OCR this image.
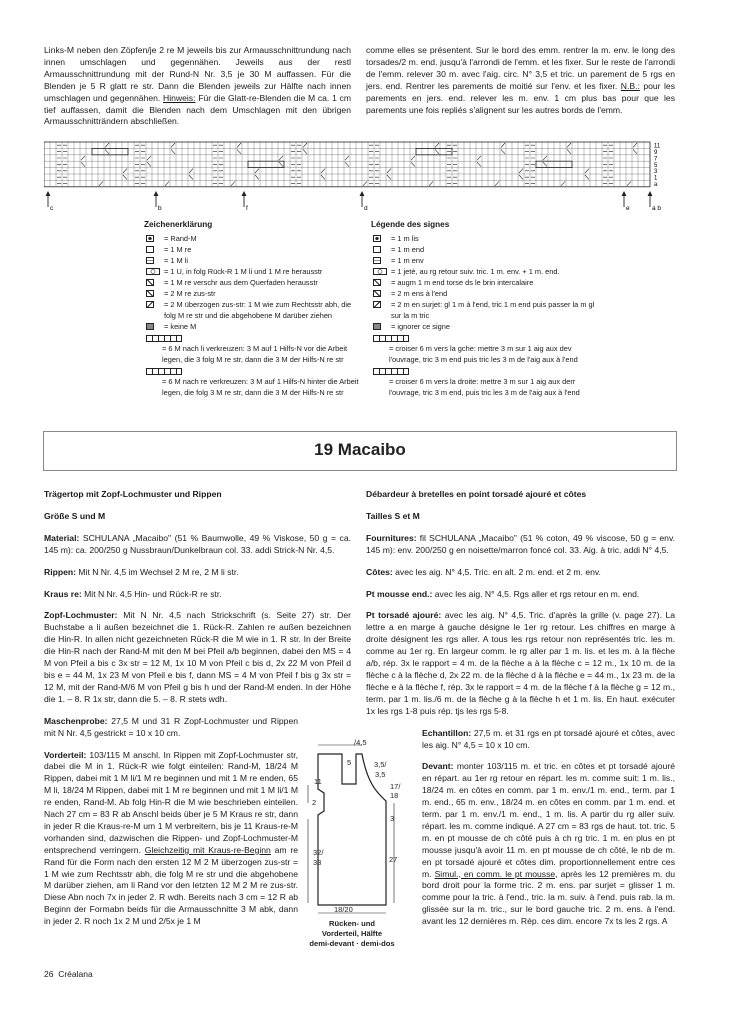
Links-M neben den Zöpfen/je 2 re M jeweils bis zur Armausschnittrundung nach innen umschlagen und gegennähen. Jeweils aus der restl Armausschnittrundung mit der Rund-N Nr. 3,5 je 30 M auffassen. Für die Blenden je 5 R glatt re str. Dann die Blenden jeweils zur Hälfte nach innen umschlagen und gegennähen. Hinweis: Für die Glatt-re-Blenden die M ca. 1 cm tief auffassen, damit die Blenden nach dem Umschlagen mit den übrigen Armausschnitträndern abschließen.

comme elles se présentent. Sur le bord des emm. rentrer la m. env. le long des torsades/2 m. end. jusqu'à l'arrondi de l'emm. et les fixer. Sur le reste de l'arrondi de l'emm. relever 30 m. avec l'aig. circ. N° 3,5 et tric. un parement de 5 rgs en jers. end. Rentrer les parements de moitié sur l'env. et les fixer. N.B.: pour les parements en jers. end. relever les m. env. 1 cm plus bas pour que les parements une fois repliés s'alignent sur les autres bords de l'emm.

11
9
7
5
3
1
a
c	b	f	d	e	a b
Zeichenerklärung
= Rand-M
= 1 M re
= 1 M li
= 1 U, in folg Rück-R 1 M li und 1 M re herausstr
= 1 M re verschr aus dem Querfaden herausstr
= 2 M re zus-str
= 2 M überzogen zus-str: 1 M wie zum Rechtsstr abh, die folg M re str und die abgehobene M darüber ziehen
= keine M
= 6 M nach li verkreuzen: 3 M auf 1 Hilfs-N vor die Arbeit legen, die 3 folg M re str, dann die 3 M der Hilfs-N re str
= 6 M nach re verkreuzen: 3 M auf 1 Hilfs-N hinter die Arbeit legen, die folg 3 M re str, dann die 3 M der Hilfs-N re str
Légende des signes
= 1 m lis
= 1 m end
= 1 m env
= 1 jeté, au rg retour suiv. tric. 1 m. env. + 1 m. end.
= augm 1 m end torse ds le brin intercalaire
= 2 m ens à l'end
= 2 m en surjet: gl 1 m à l'end, tric 1 m end puis passer la m gl sur la m tric
= ignorer ce signe
= croiser 6 m vers la gche: mettre 3 m sur 1 aig aux dev l'ouvrage, tric 3 m end puis tric les 3 m de l'aig aux à l'end
= croiser 6 m vers la droite: mettre 3 m sur 1 aig aux derr l'ouvrage, tric 3 m end, puis tric les 3 m de l'aig aux à l'end
19 Macaibo

Trägertop mit Zopf-Lochmuster und Rippen

Größe S und M

Material: SCHULANA „Macaibo" (51 % Baumwolle, 49 % Viskose, 50 g = ca. 145 m): ca. 200/250 g Nussbraun/Dunkelbraun col. 33. addi Strick-N Nr. 4,5.

Rippen: Mit N Nr. 4,5 im Wechsel 2 M re, 2 M li str.

Kraus re: Mit N Nr. 4,5 Hin- und Rück-R re str.

Zopf-Lochmuster: Mit N Nr. 4,5 nach Strickschrift (s. Seite 27) str. Der Buchstabe a li außen bezeichnet die 1. Rück-R. Zahlen re außen bezeichnen die Hin-R. In allen nicht gezeichneten Rück-R die M wie in 1. R str. In der Breite die Hin-R nach der Rand-M mit den M bei Pfeil a/b beginnen, dabei den MS = 4 M von Pfeil a bis c 3x str = 12 M, 1x 10 M von Pfeil c bis d, 2x 22 M von Pfeil d bis e = 44 M, 1x 23 M von Pfeil e bis f, dann MS = 4 M von Pfeil f bis g 3x str = 12 M, mit der Rand-M/6 M von Pfeil g bis h und der Rand-M enden. In der Höhe die 1. – 8. R 1x str, dann die 5. – 8. R stets wdh.

Maschenprobe: 27,5 M und 31 R Zopf-Lochmuster und Rippen mit N Nr. 4,5 gestrickt = 10 x 10 cm.

Vorderteil: 103/115 M anschl. In Rippen mit Zopf-Lochmuster str, dabei die M in 1. Rück-R wie folgt einteilen: Rand-M, 18/24 M Rippen, dabei mit 1 M li/1 M re beginnen und mit 1 M re enden, 65 M li, 18/24 M Rippen, dabei mit 1 M re beginnen und mit 1 M li/1 M re enden, Rand-M. Ab folg Hin-R die M wie beschrieben einteilen. Nach 27 cm = 83 R ab Anschl beids über je 5 M Kraus re str, dann in jeder R die Kraus-re-M um 1 M verbreitern, bis je 11 Kraus-re-M vorhanden sind, dazwischen die Rippen- und Zopf-Lochmuster-M entsprechend verringern. Gleichzeitig mit Kraus-re-Beginn am re Rand für die Form nach den ersten 12 M 2 M überzogen zus-str = 1 M wie zum Rechtsstr abh, die folg M re str und die abgehobene M darüber ziehen, am li Rand vor den letzten 12 M 2 M re zus-str. Diese Abn noch 7x in jeder 2. R wdh. Bereits nach 3 cm = 12 R ab Beginn der Formabn beids für die Armausschnitte 3 M abk, dann in jeder 2. R noch 1x 2 M und 2/5x je 1 M

Débardeur à bretelles en point torsadé ajouré et côtes

Tailles S et M

Fournitures: fil SCHULANA „Macaibo" (51 % coton, 49 % viscose, 50 g = env. 145 m): env. 200/250 g en noisette/marron foncé col. 33. Aig. à tric. addi N° 4,5.

Côtes: avec les aig. N° 4,5. Tric. en alt. 2 m. end. et 2 m. env.

Pt mousse end.: avec les aig. N° 4,5. Rgs aller et rgs retour en m. end.

Pt torsadé ajouré: avec les aig. N° 4,5. Tric. d'après la grille (v. page 27). La lettre a en marge à gauche désigne le 1er rg retour. Les chiffres en marge à droite désignent les rgs aller. A tous les rgs retour non représentés tric. les m. comme au 1er rg. En largeur comm. le rg aller par 1 m. lis. et les m. à la flèche a/b, rép. 3x le rapport = 4 m. de la flèche a à la flèche c = 12 m., 1x 10 m. de la flèche c à la flèche d, 2x 22 m. de la flèche d à la flèche e = 44 m., 1x 23 m. de la flèche e à la flèche f, rép. 3x le rapport = 4 m. de la flèche f à la flèche g = 12 m., term. par 1 m. lis./6 m. de la flèche g à la flèche h et 1 m. lis. En haut. exécuter 1x les rgs 1-8 puis rép. tjs les rgs 5-8.

Echantillon: 27,5 m. et 31 rgs en pt torsadé ajouré et côtes, avec les aig. N° 4,5 = 10 x 10 cm.

Devant: monter 103/115 m. et tric. en côtes et pt torsadé ajouré en répart. au 1er rg retour en répart. les m. comme suit: 1 m. lis., 18/24 m. en côtes en comm. par 1 m. env./1 m. end., term. par 1 m. end., 65 m. env., 18/24 m. en côtes en comm. par 1 m. end. et term. par 1 m. env./1 m. end., 1 m. lis. A partir du rg aller suiv. répart. les m. comme indiqué. A 27 cm = 83 rgs de haut. tot. tric. 5 m. en pt mousse de ch côté puis à ch rg tric. 1 m. en plus en pt mousse jusqu'à avoir 11 m. en pt mousse de ch côté, le nb de m. en pt torsadé ajouré et côtes dim. proportionnellement entre ces m. Simul., en comm. le pt mousse, après les 12 premières m. du bord droit pour la forme tric. 2 m. ens. par surjet = glisser 1 m. comme pour la tric. à l'end., tric. la m. suiv. à l'end. puis rab. la m. glissée sur la m. tric., sur le bord gauche tric. 2 m. ens. à l'end. avant les 12 dernières m. Rép. ces dim. encore 7x ts les 2 rgs. A

/4,5
5	3,5/
3,5
17/
18
11
2
3
32/
33	27
18/20
Rücken- und
Vorderteil, Hälfte
demi-devant · demi-dos
26 Créalana
